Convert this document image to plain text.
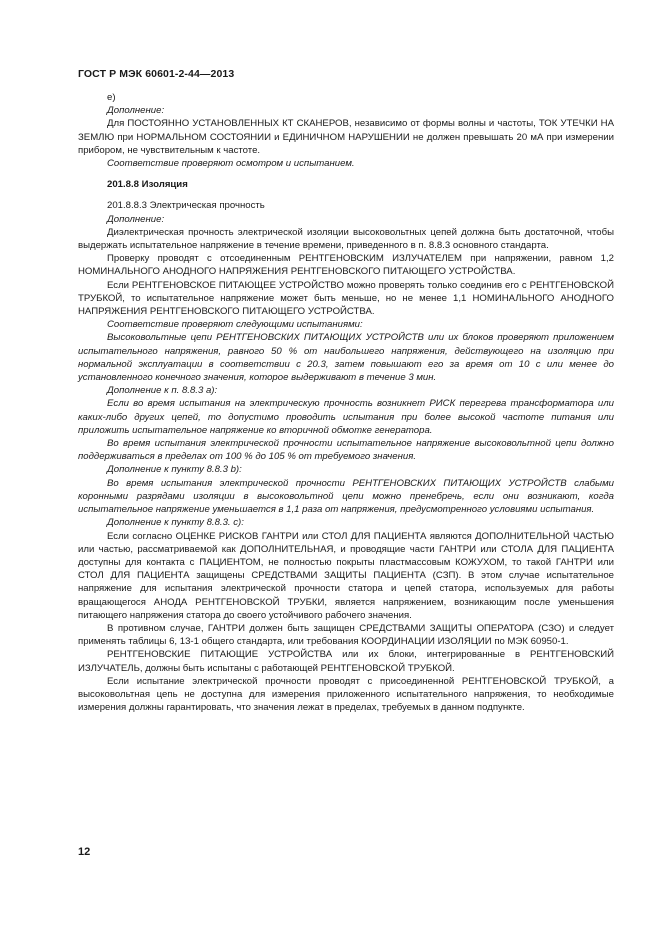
ГОСТ Р МЭК 60601-2-44—2013

е)

Дополнение:

Для ПОСТОЯННО УСТАНОВЛЕННЫХ КТ СКАНЕРОВ, независимо от формы волны и частоты, ТОК УТЕЧКИ НА ЗЕМЛЮ при НОРМАЛЬНОМ СОСТОЯНИИ и ЕДИНИЧНОМ НАРУШЕНИИ не должен превышать 20 мА при измерении прибором, не чувствительным к частоте.

Соответствие проверяют осмотром и испытанием.

201.8.8 Изоляция

201.8.8.3 Электрическая прочность

Дополнение:

Диэлектрическая прочность электрической изоляции высоковольтных цепей должна быть достаточной, чтобы выдержать испытательное напряжение в течение времени, приведенного в п. 8.8.3 основного стандарта.

Проверку проводят с отсоединенным РЕНТГЕНОВСКИМ ИЗЛУЧАТЕЛЕМ при напряжении, равном 1,2 НОМИНАЛЬНОГО АНОДНОГО НАПРЯЖЕНИЯ РЕНТГЕНОВСКОГО ПИТАЮЩЕГО УСТРОЙСТВА.

Если РЕНТГЕНОВСКОЕ ПИТАЮЩЕЕ УСТРОЙСТВО можно проверять только соединив его с РЕНТГЕНОВСКОЙ ТРУБКОЙ, то испытательное напряжение может быть меньше, но не менее 1,1 НОМИНАЛЬНОГО АНОДНОГО НАПРЯЖЕНИЯ РЕНТГЕНОВСКОГО ПИТАЮЩЕГО УСТРОЙСТВА.

Соответствие проверяют следующими испытаниями:

Высоковольтные цепи РЕНТГЕНОВСКИХ ПИТАЮЩИХ УСТРОЙСТВ или их блоков проверяют приложением испытательного напряжения, равного 50 % от наибольшего напряжения, действующего на изоляцию при нормальной эксплуатации в соответствии с 20.3, затем повышают его за время от 10 с или менее до установленного конечного значения, которое выдерживают в течение 3 мин.

Дополнение к п. 8.8.3 а):

Если во время испытания на электрическую прочность возникнет РИСК перегрева трансформатора или каких-либо других цепей, то допустимо проводить испытания при более высокой частоте питания или приложить испытательное напряжение ко вторичной обмотке генератора.

Во время испытания электрической прочности испытательное напряжение высоковольтной цепи должно поддерживаться в пределах от 100 % до 105 % от требуемого значения.

Дополнение к пункту 8.8.3 b):

Во время испытания электрической прочности РЕНТГЕНОВСКИХ ПИТАЮЩИХ УСТРОЙСТВ слабыми коронными разрядами изоляции в высоковольтной цепи можно пренебречь, если они возникают, когда испытательное напряжение уменьшается в 1,1 раза от напряжения, предусмотренного условиями испытания.

Дополнение к пункту 8.8.3. с):

Если согласно ОЦЕНКЕ РИСКОВ ГАНТРИ или СТОЛ ДЛЯ ПАЦИЕНТА являются ДОПОЛНИТЕЛЬНОЙ ЧАСТЬЮ или частью, рассматриваемой как ДОПОЛНИТЕЛЬНАЯ, и проводящие части ГАНТРИ или СТОЛА ДЛЯ ПАЦИЕНТА доступны для контакта с ПАЦИЕНТОМ, не полностью покрыты пластмассовым КОЖУХОМ, то такой ГАНТРИ или СТОЛ ДЛЯ ПАЦИЕНТА защищены СРЕДСТВАМИ ЗАЩИТЫ ПАЦИЕНТА (СЗП). В этом случае испытательное напряжение для испытания электрической прочности статора и цепей статора, используемых для работы вращающегося АНОДА РЕНТГЕНОВСКОЙ ТРУБКИ, является напряжением, возникающим после уменьшения питающего напряжения статора до своего устойчивого рабочего значения.

В противном случае, ГАНТРИ должен быть защищен СРЕДСТВАМИ ЗАЩИТЫ ОПЕРАТОРА (СЗО) и следует применять таблицы 6, 13-1 общего стандарта, или требования КООРДИНАЦИИ ИЗОЛЯЦИИ по МЭК 60950-1.

РЕНТГЕНОВСКИЕ ПИТАЮЩИЕ УСТРОЙСТВА или их блоки, интегрированные в РЕНТГЕНОВСКИЙ ИЗЛУЧАТЕЛЬ, должны быть испытаны с работающей РЕНТГЕНОВСКОЙ ТРУБКОЙ.

Если испытание электрической прочности проводят с присоединенной РЕНТГЕНОВСКОЙ ТРУБКОЙ, а высоковольтная цепь не доступна для измерения приложенного испытательного напряжения, то необходимые измерения должны гарантировать, что значения лежат в пределах, требуемых в данном подпункте.

12
